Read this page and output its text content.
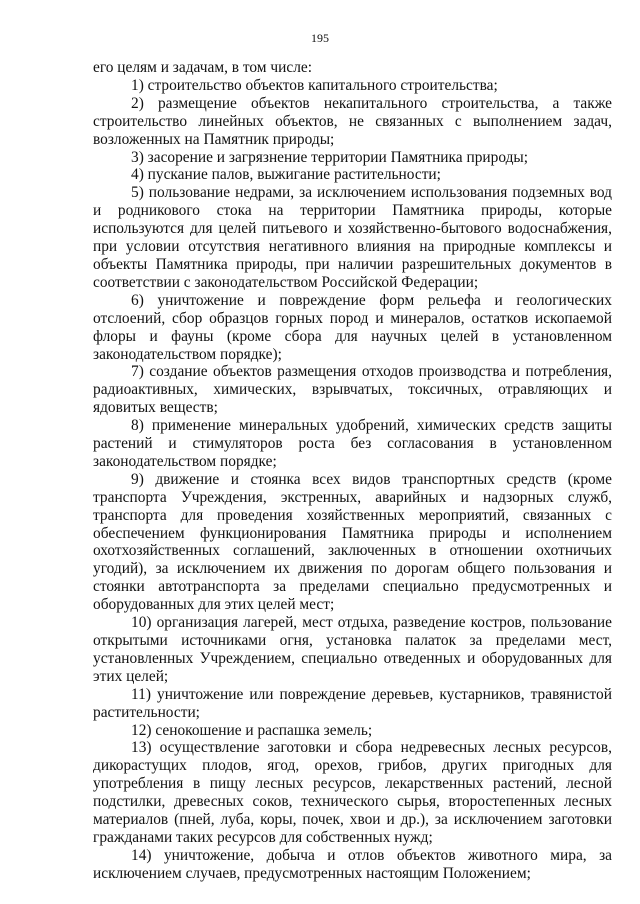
195

его целям и задачам, в том числе:

1) строительство объектов капитального строительства;

2) размещение объектов некапитального строительства, а также строительство линейных объектов, не связанных с выполнением задач, возложенных на Памятник природы;

3) засорение и загрязнение территории Памятника природы;

4) пускание палов, выжигание растительности;

5) пользование недрами, за исключением использования подземных вод и родникового стока на территории Памятника природы, которые используются для целей питьевого и хозяйственно-бытового водоснабжения, при условии отсутствия негативного влияния на природные комплексы и объекты Памятника природы, при наличии разрешительных документов в соответствии с законодательством Российской Федерации;

6) уничтожение и повреждение форм рельефа и геологических отслоений, сбор образцов горных пород и минералов, остатков ископаемой флоры и фауны (кроме сбора для научных целей в установленном законодательством порядке);

7) создание объектов размещения отходов производства и потребления, радиоактивных, химических, взрывчатых, токсичных, отравляющих и ядовитых веществ;

8) применение минеральных удобрений, химических средств защиты растений и стимуляторов роста без согласования в установленном законодательством порядке;

9) движение и стоянка всех видов транспортных средств (кроме транспорта Учреждения, экстренных, аварийных и надзорных служб, транспорта для проведения хозяйственных мероприятий, связанных с обеспечением функционирования Памятника природы и исполнением охотхозяйственных соглашений, заключенных в отношении охотничьих угодий), за исключением их движения по дорогам общего пользования и стоянки автотранспорта за пределами специально предусмотренных и оборудованных для этих целей мест;

10) организация лагерей, мест отдыха, разведение костров, пользование открытыми источниками огня, установка палаток за пределами мест, установленных Учреждением, специально отведенных и оборудованных для этих целей;

11) уничтожение или повреждение деревьев, кустарников, травянистой растительности;

12) сенокошение и распашка земель;

13) осуществление заготовки и сбора недревесных лесных ресурсов, дикорастущих плодов, ягод, орехов, грибов, других пригодных для употребления в пищу лесных ресурсов, лекарственных растений, лесной подстилки, древесных соков, технического сырья, второстепенных лесных материалов (пней, луба, коры, почек, хвои и др.), за исключением заготовки гражданами таких ресурсов для собственных нужд;

14) уничтожение, добыча и отлов объектов животного мира, за исключением случаев, предусмотренных настоящим Положением;
